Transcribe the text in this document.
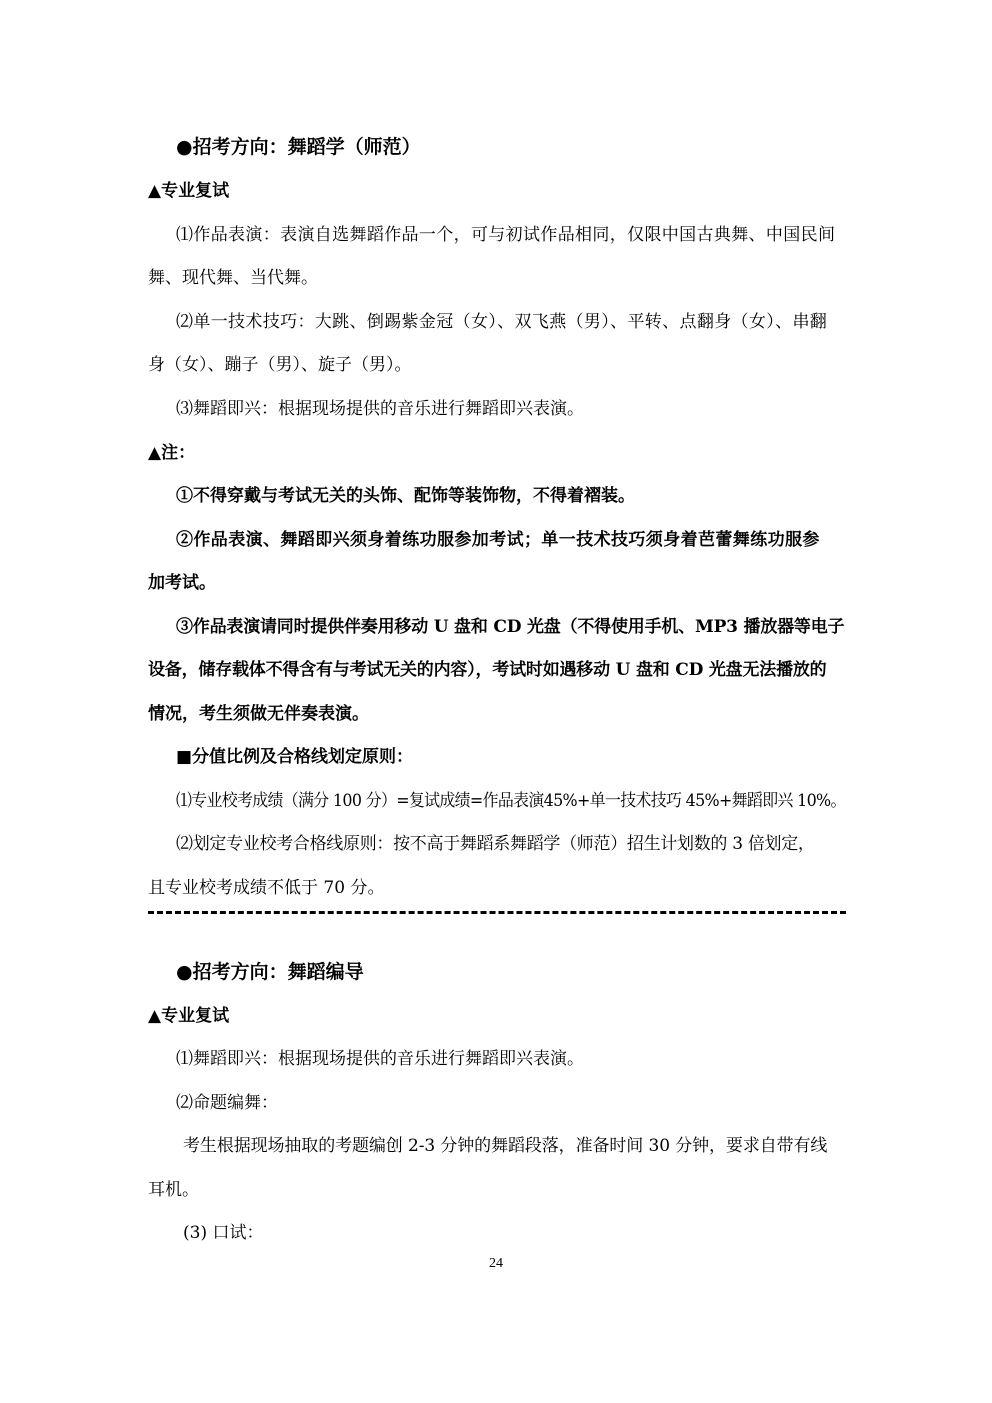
●招考方向：舞蹈学（师范）
▲专业复试
⑴作品表演：表演自选舞蹈作品一个，可与初试作品相同，仅限中国古典舞、中国民间
舞、现代舞、当代舞。
⑵单一技术技巧：大跳、倒踢紫金冠（女）、双飞燕（男）、平转、点翻身（女）、串翻
身（女）、蹦子（男）、旋子（男）。
⑶舞蹈即兴：根据现场提供的音乐进行舞蹈即兴表演。
▲注：
①不得穿戴与考试无关的头饰、配饰等装饰物，不得着褶装。
②作品表演、舞蹈即兴须身着练功服参加考试；单一技术技巧须身着芭蕾舞练功服参
加考试。
③作品表演请同时提供伴奏用移动 U 盘和 CD 光盘（不得使用手机、MP3 播放器等电子
设备，储存载体不得含有与考试无关的内容），考试时如遇移动 U 盘和 CD 光盘无法播放的
情况，考生须做无伴奏表演。
■分值比例及合格线划定原则：
⑴专业校考成绩（满分 100 分）=复试成绩=作品表演45%+单一技术技巧 45%+舞蹈即兴 10%。
⑵划定专业校考合格线原则：按不高于舞蹈系舞蹈学（师范）招生计划数的 3 倍划定，
且专业校考成绩不低于 70 分。
●招考方向：舞蹈编导
▲专业复试
⑴舞蹈即兴：根据现场提供的音乐进行舞蹈即兴表演。
⑵命题编舞：
考生根据现场抽取的考题编创 2-3 分钟的舞蹈段落，准备时间 30 分钟，要求自带有线
耳机。
(3) 口试：
24
